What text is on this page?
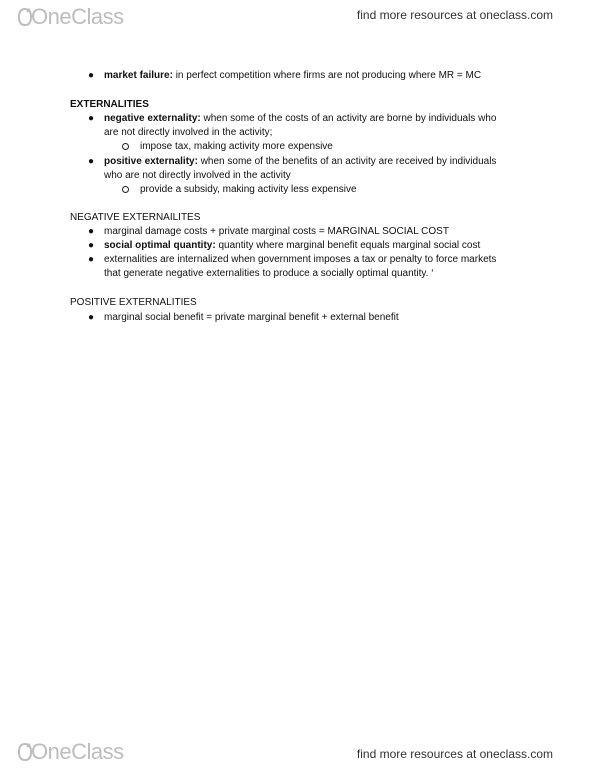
OneClass	find more resources at oneclass.com
● market failure: in perfect competition where firms are not producing where MR = MC
EXTERNALITIES
● negative externality: when some of the costs of an activity are borne by individuals who
are not directly involved in the activity;
impose tax, making activity more expensive
● positive externality: when some of the benefits of an activity are received by individuals
who are not directly involved in the activity
provide a subsidy, making activity less expensive
NEGATIVE EXTERNAILITES
● marginal damage costs + private marginal costs = MARGINAL SOCIAL COST
● social optimal quantity: quantity where marginal benefit equals marginal social cost
● externalities are internalized when government imposes a tax or penalty to force markets
that generate negative externalities to produce a socially optimal quantity. ‘
POSITIVE EXTERNALITIES
● marginal social benefit = private marginal benefit + external benefit
OneClass	find more resources at oneclass.com
